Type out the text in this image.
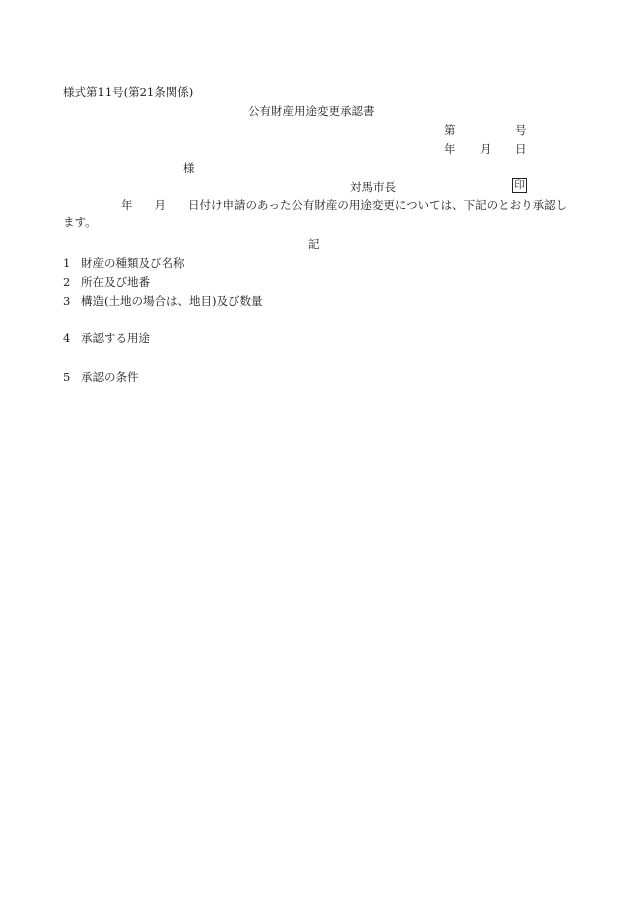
様式第11号(第21条関係)
公有財産用途変更承認書
第	号
年 月 日
様
対馬市長	印
年 月 日付け申請のあった公有財産の用途変更については、下記のとおり承認します。
記
1 財産の種類及び名称
2 所在及び地番
3 構造(土地の場合は、地目)及び数量
4 承認する用途
5 承認の条件
